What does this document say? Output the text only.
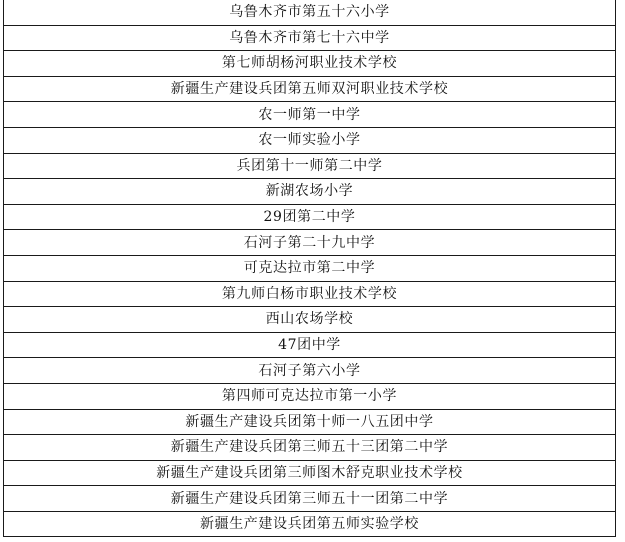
乌鲁木齐市第五十六小学
乌鲁木齐市第七十六中学
第七师胡杨河职业技术学校
新疆生产建设兵团第五师双河职业技术学校
农一师第一中学
农一师实验小学
兵团第十一师第二中学
新湖农场小学
29团第二中学
石河子第二十九中学
可克达拉市第二中学
第九师白杨市职业技术学校
西山农场学校
47团中学
石河子第六小学
第四师可克达拉市第一小学
新疆生产建设兵团第十师一八五团中学
新疆生产建设兵团第三师五十三团第二中学
新疆生产建设兵团第三师图木舒克职业技术学校
新疆生产建设兵团第三师五十一团第二中学
新疆生产建设兵团第五师实验学校
